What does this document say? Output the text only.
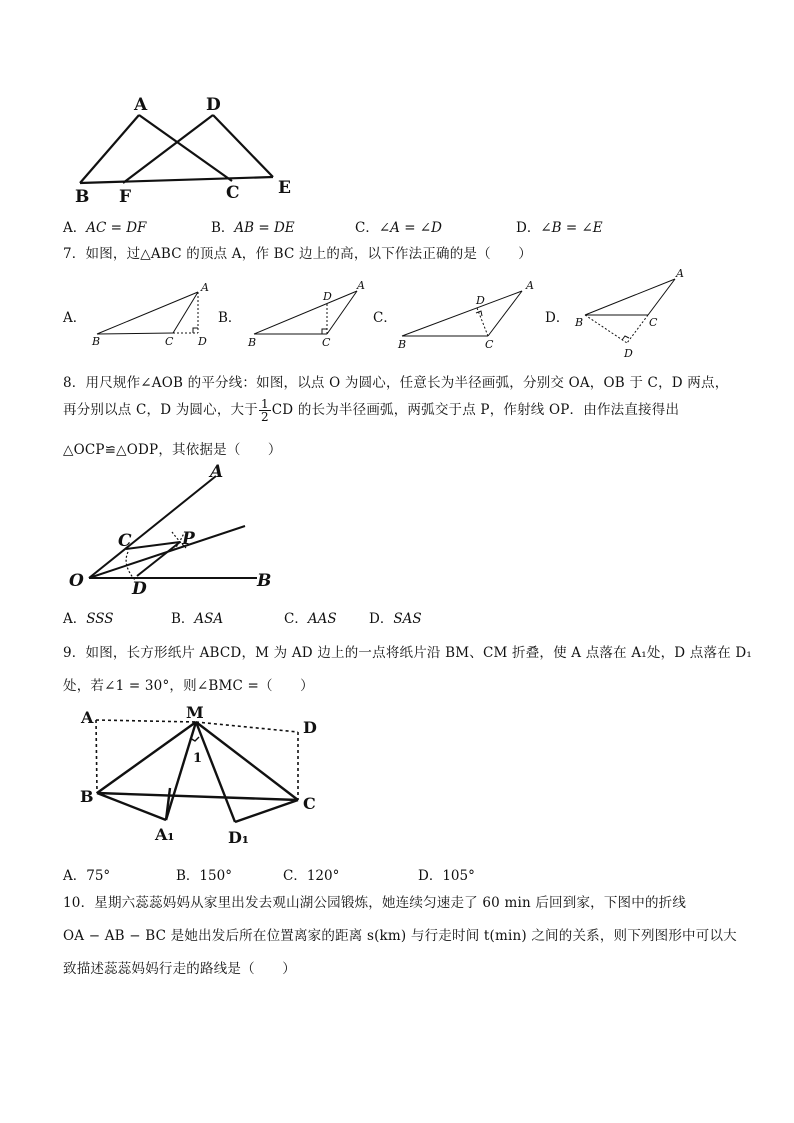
A	D
B F	C E
A．AC = DF	B．AB = DE	C．∠A = ∠D	D．∠B = ∠E
7．如图，过△ABC 的顶点 A，作 BC 边上的高，以下作法正确的是（　　）
A．	B．	C．	D．
A
B	C D
A
D
B	C
A
D
B	C
A
B	C
D
8．用尺规作∠AOB 的平分线：如图，以点 O 为圆心，任意长为半径画弧，分别交 OA，OB 于 C，D 两点，
再分别以点 C，D 为圆心，大于 $\frac{1}{2}$ CD 的长为半径画弧，两弧交于点 P，作射线 OP．由作法直接得出
△OCP≌△ODP，其依据是（　　）
A
C	P
O	D	B
A．SSS	B．ASA	C．AAS D．SAS
9．如图，长方形纸片 ABCD，M 为 AD 边上的一点将纸片沿 BM、CM 折叠，使 A 点落在 A₁处，D 点落在 D₁
处，若∠1 = 30°，则∠BMC =（　　）
A	M
D
1
B	C
A₁	D₁
A．75°	B．150°	C．120°	D．105°
10．星期六蕊蕊妈妈从家里出发去观山湖公园锻炼，她连续匀速走了 60 min 后回到家，下图中的折线
OA − AB − BC 是她出发后所在位置离家的距离 s(km) 与行走时间 t(min) 之间的关系，则下列图形中可以大
致描述蕊蕊妈妈行走的路线是（　　）
